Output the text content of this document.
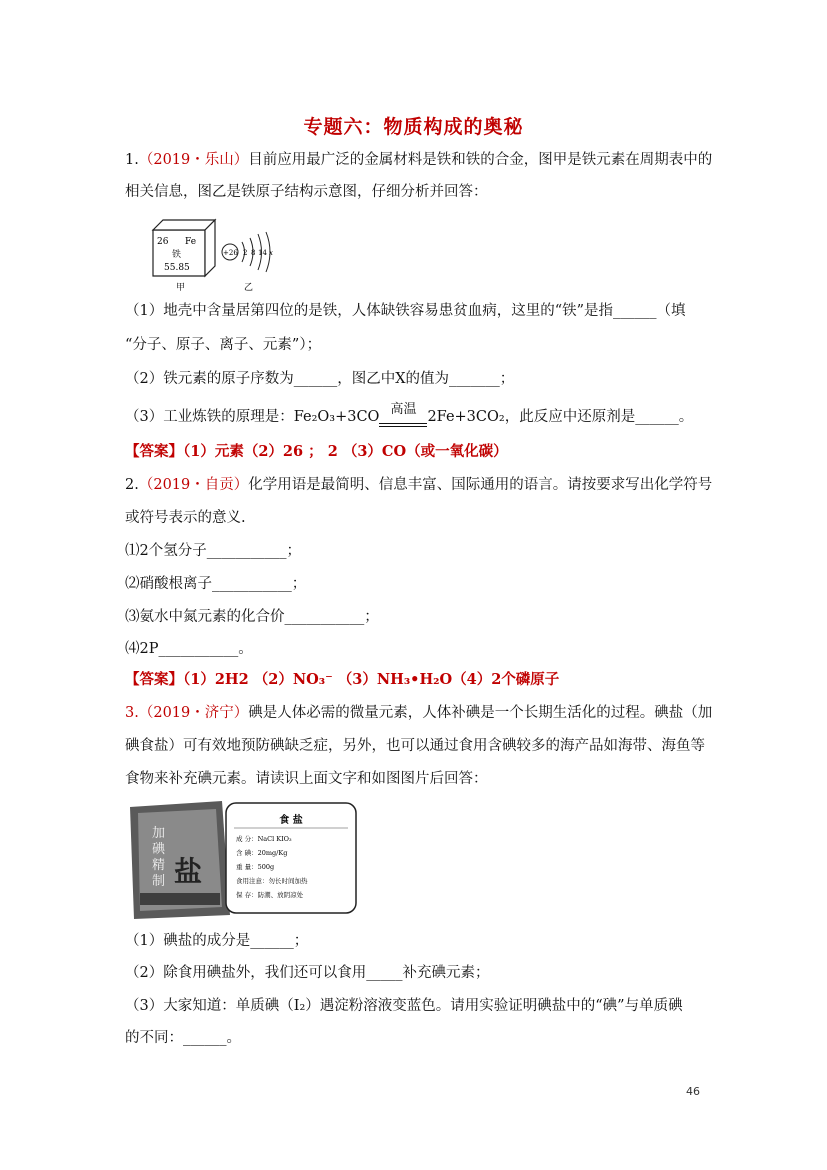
专题六：物质构成的奥秘
1.（2019・乐山）目前应用最广泛的金属材料是铁和铁的合金，图甲是铁元素在周期表中的
相关信息，图乙是铁原子结构示意图，仔细分析并回答：
26 Fe
铁
55.85
+26 2 8 14 x
甲	乙
（1）地壳中含量居第四位的是铁，人体缺铁容易患贫血病，这里的“铁”是指______（填
“分子、原子、离子、元素”）；
（2）铁元素的原子序数为______，图乙中X的值为_______；
（3）工业炼铁的原理是：Fe₂O₃+3CO 高温 2Fe+3CO₂，此反应中还原剂是______。
【答案】（1）元素（2）26 ； 2 （3）CO（或一氧化碳）
2.（2019・自贡）化学用语是最简明、信息丰富、国际通用的语言。请按要求写出化学符号
或符号表示的意义.
⑴2个氢分子___________；
⑵硝酸根离子___________；
⑶氨水中氮元素的化合价___________；
⑷2P___________。
【答案】（1）2H2 （2）NO₃⁻ （3）NH₃•H₂O（4）2个磷原子
3.（2019・济宁）碘是人体必需的微量元素，人体补碘是一个长期生活化的过程。碘盐（加
碘食盐）可有效地预防碘缺乏症，另外，也可以通过食用含碘较多的海产品如海带、海鱼等
食物来补充碘元素。请读识上面文字和如图图片后回答：
加
碘
精
制 盐
食 盐
成 分：NaCl KIO₃
含 碘：20mg/Kg
重 量：500g
食用注意：勿长时间加热
保 存：防潮、放阴凉处
（1）碘盐的成分是______；
（2）除食用碘盐外，我们还可以食用_____补充碘元素；
（3）大家知道：单质碘（I₂）遇淀粉溶液变蓝色。请用实验证明碘盐中的“碘”与单质碘
的不同：______。
46
